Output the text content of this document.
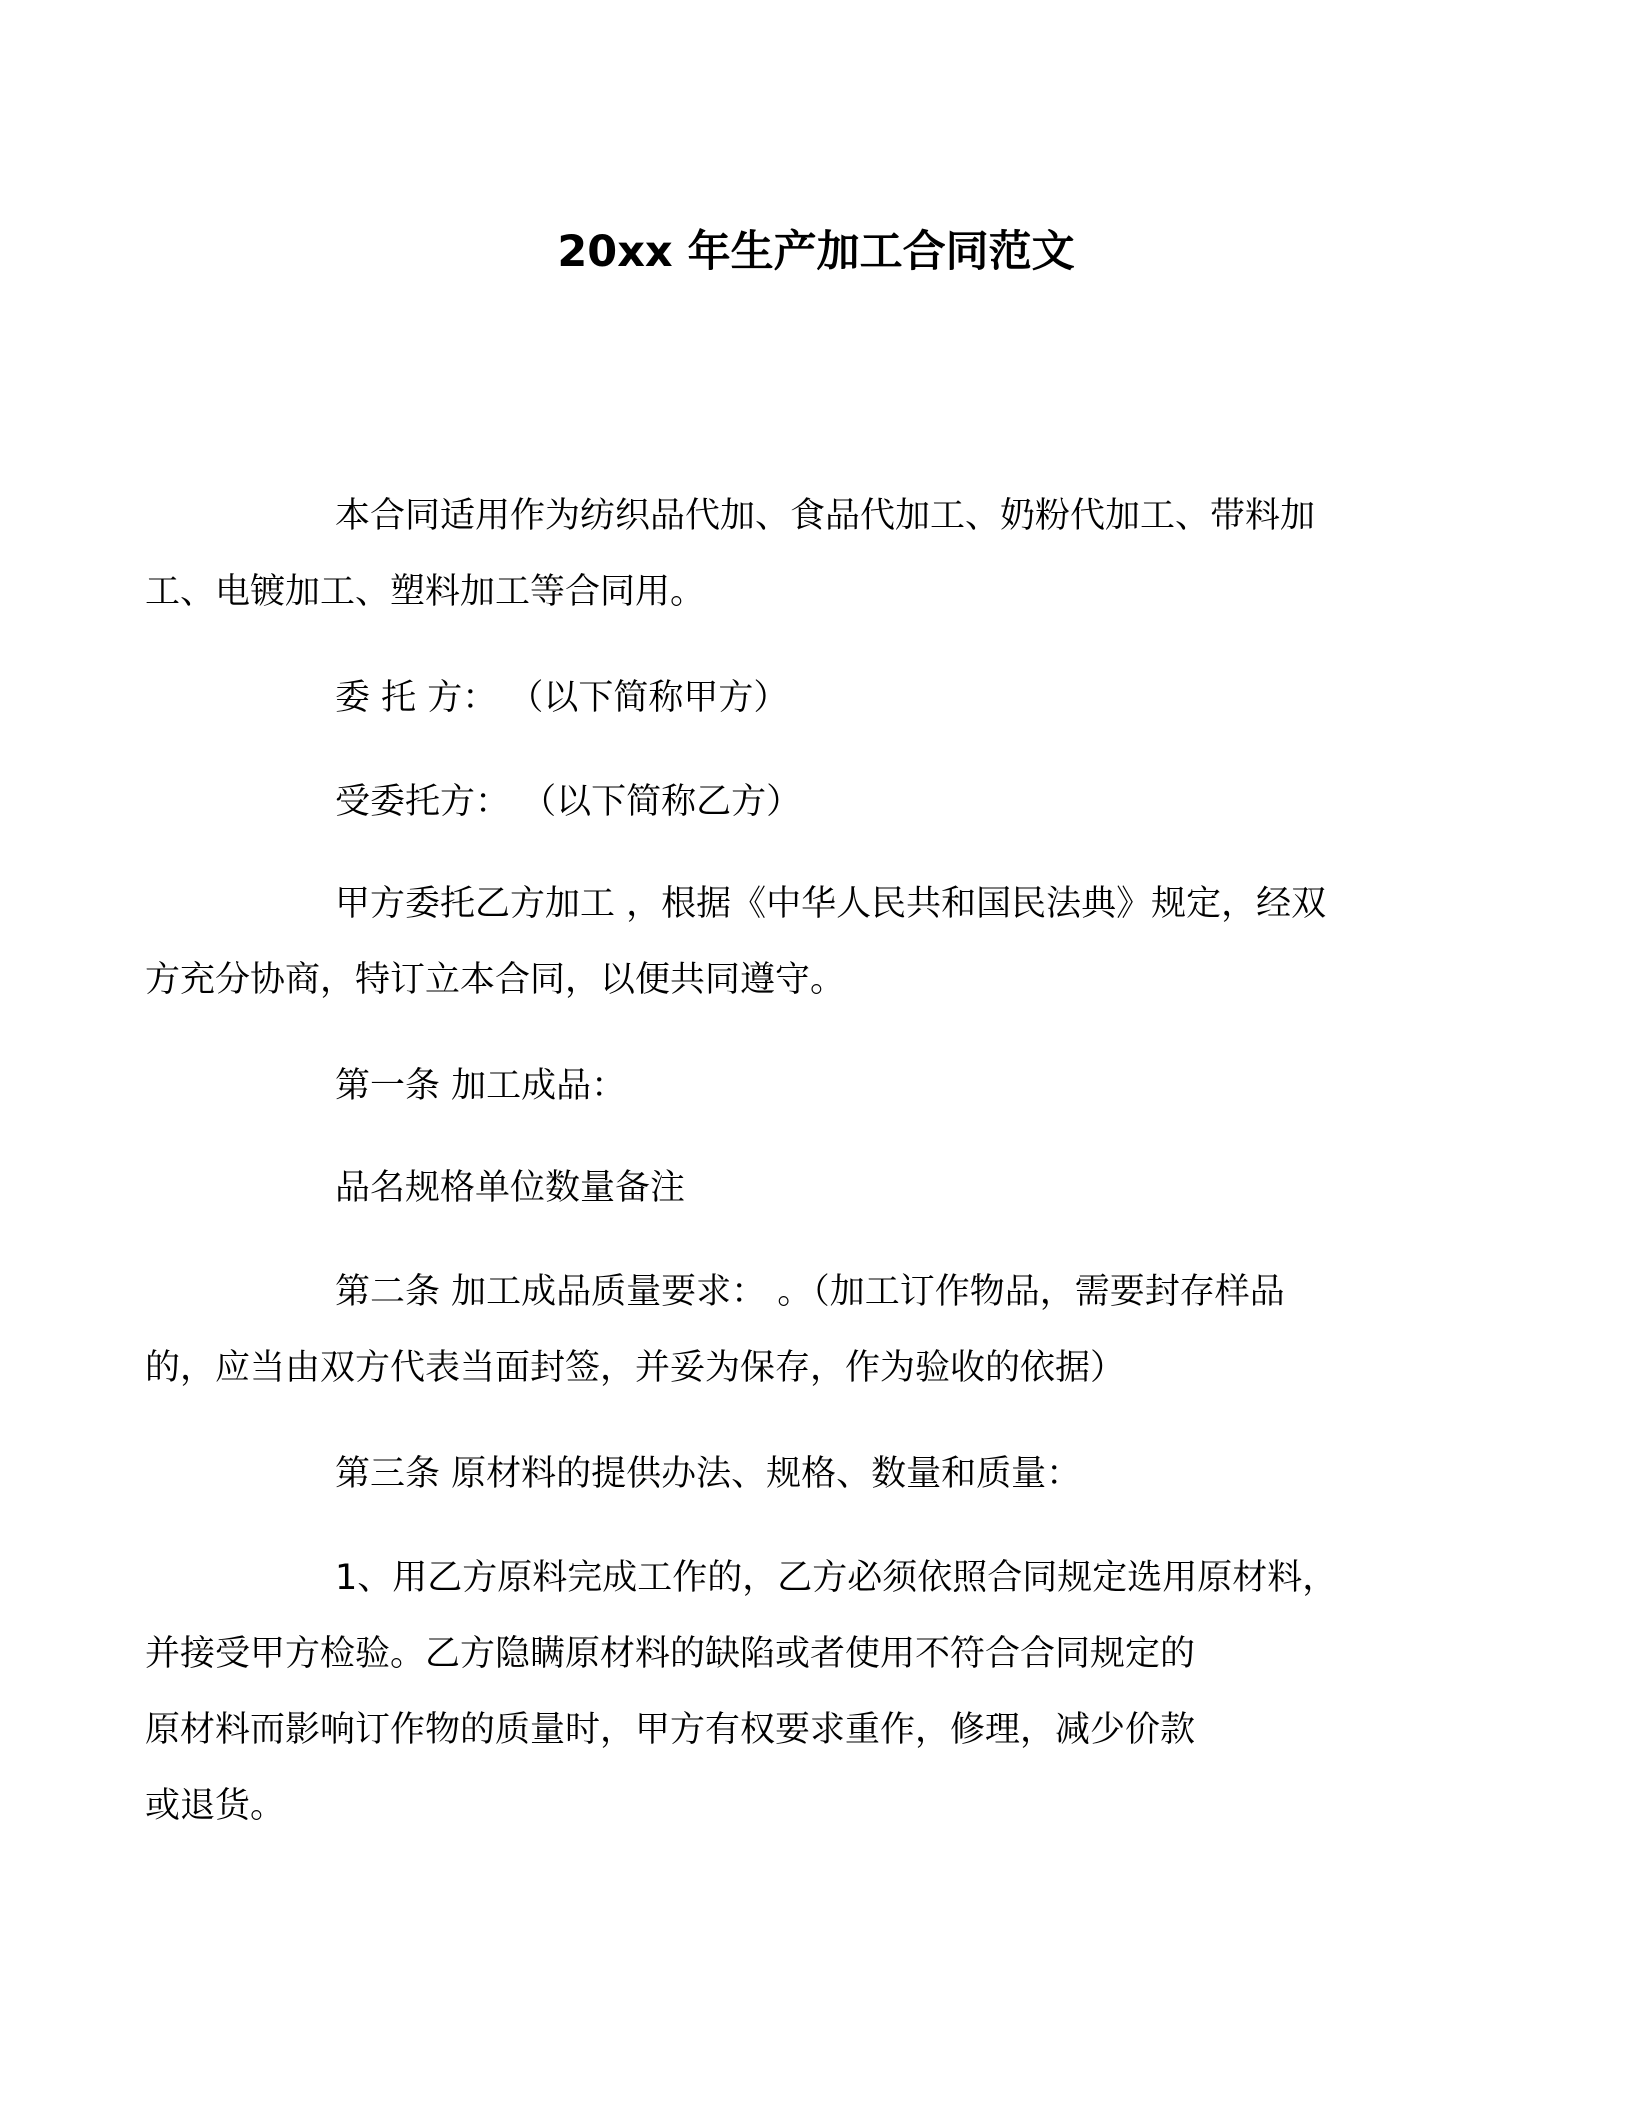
20xx 年生产加工合同范文

本合同适用作为纺织品代加、食品代加工、奶粉代加工、带料加
工、电镀加工、塑料加工等合同用。

委 托 方： （以下简称甲方）

受委托方： （以下简称乙方）

甲方委托乙方加工 ，根据《中华人民共和国民法典》规定，经双
方充分协商，特订立本合同，以便共同遵守。

第一条 加工成品：

品名规格单位数量备注

第二条 加工成品质量要求： 。（加工订作物品，需要封存样品
的，应当由双方代表当面封签，并妥为保存，作为验收的依据）

第三条 原材料的提供办法、规格、数量和质量：

1、用乙方原料完成工作的，乙方必须依照合同规定选用原材料，
并接受甲方检验。乙方隐瞒原材料的缺陷或者使用不符合合同规定的
原材料而影响订作物的质量时，甲方有权要求重作，修理，减少价款
或退货。
